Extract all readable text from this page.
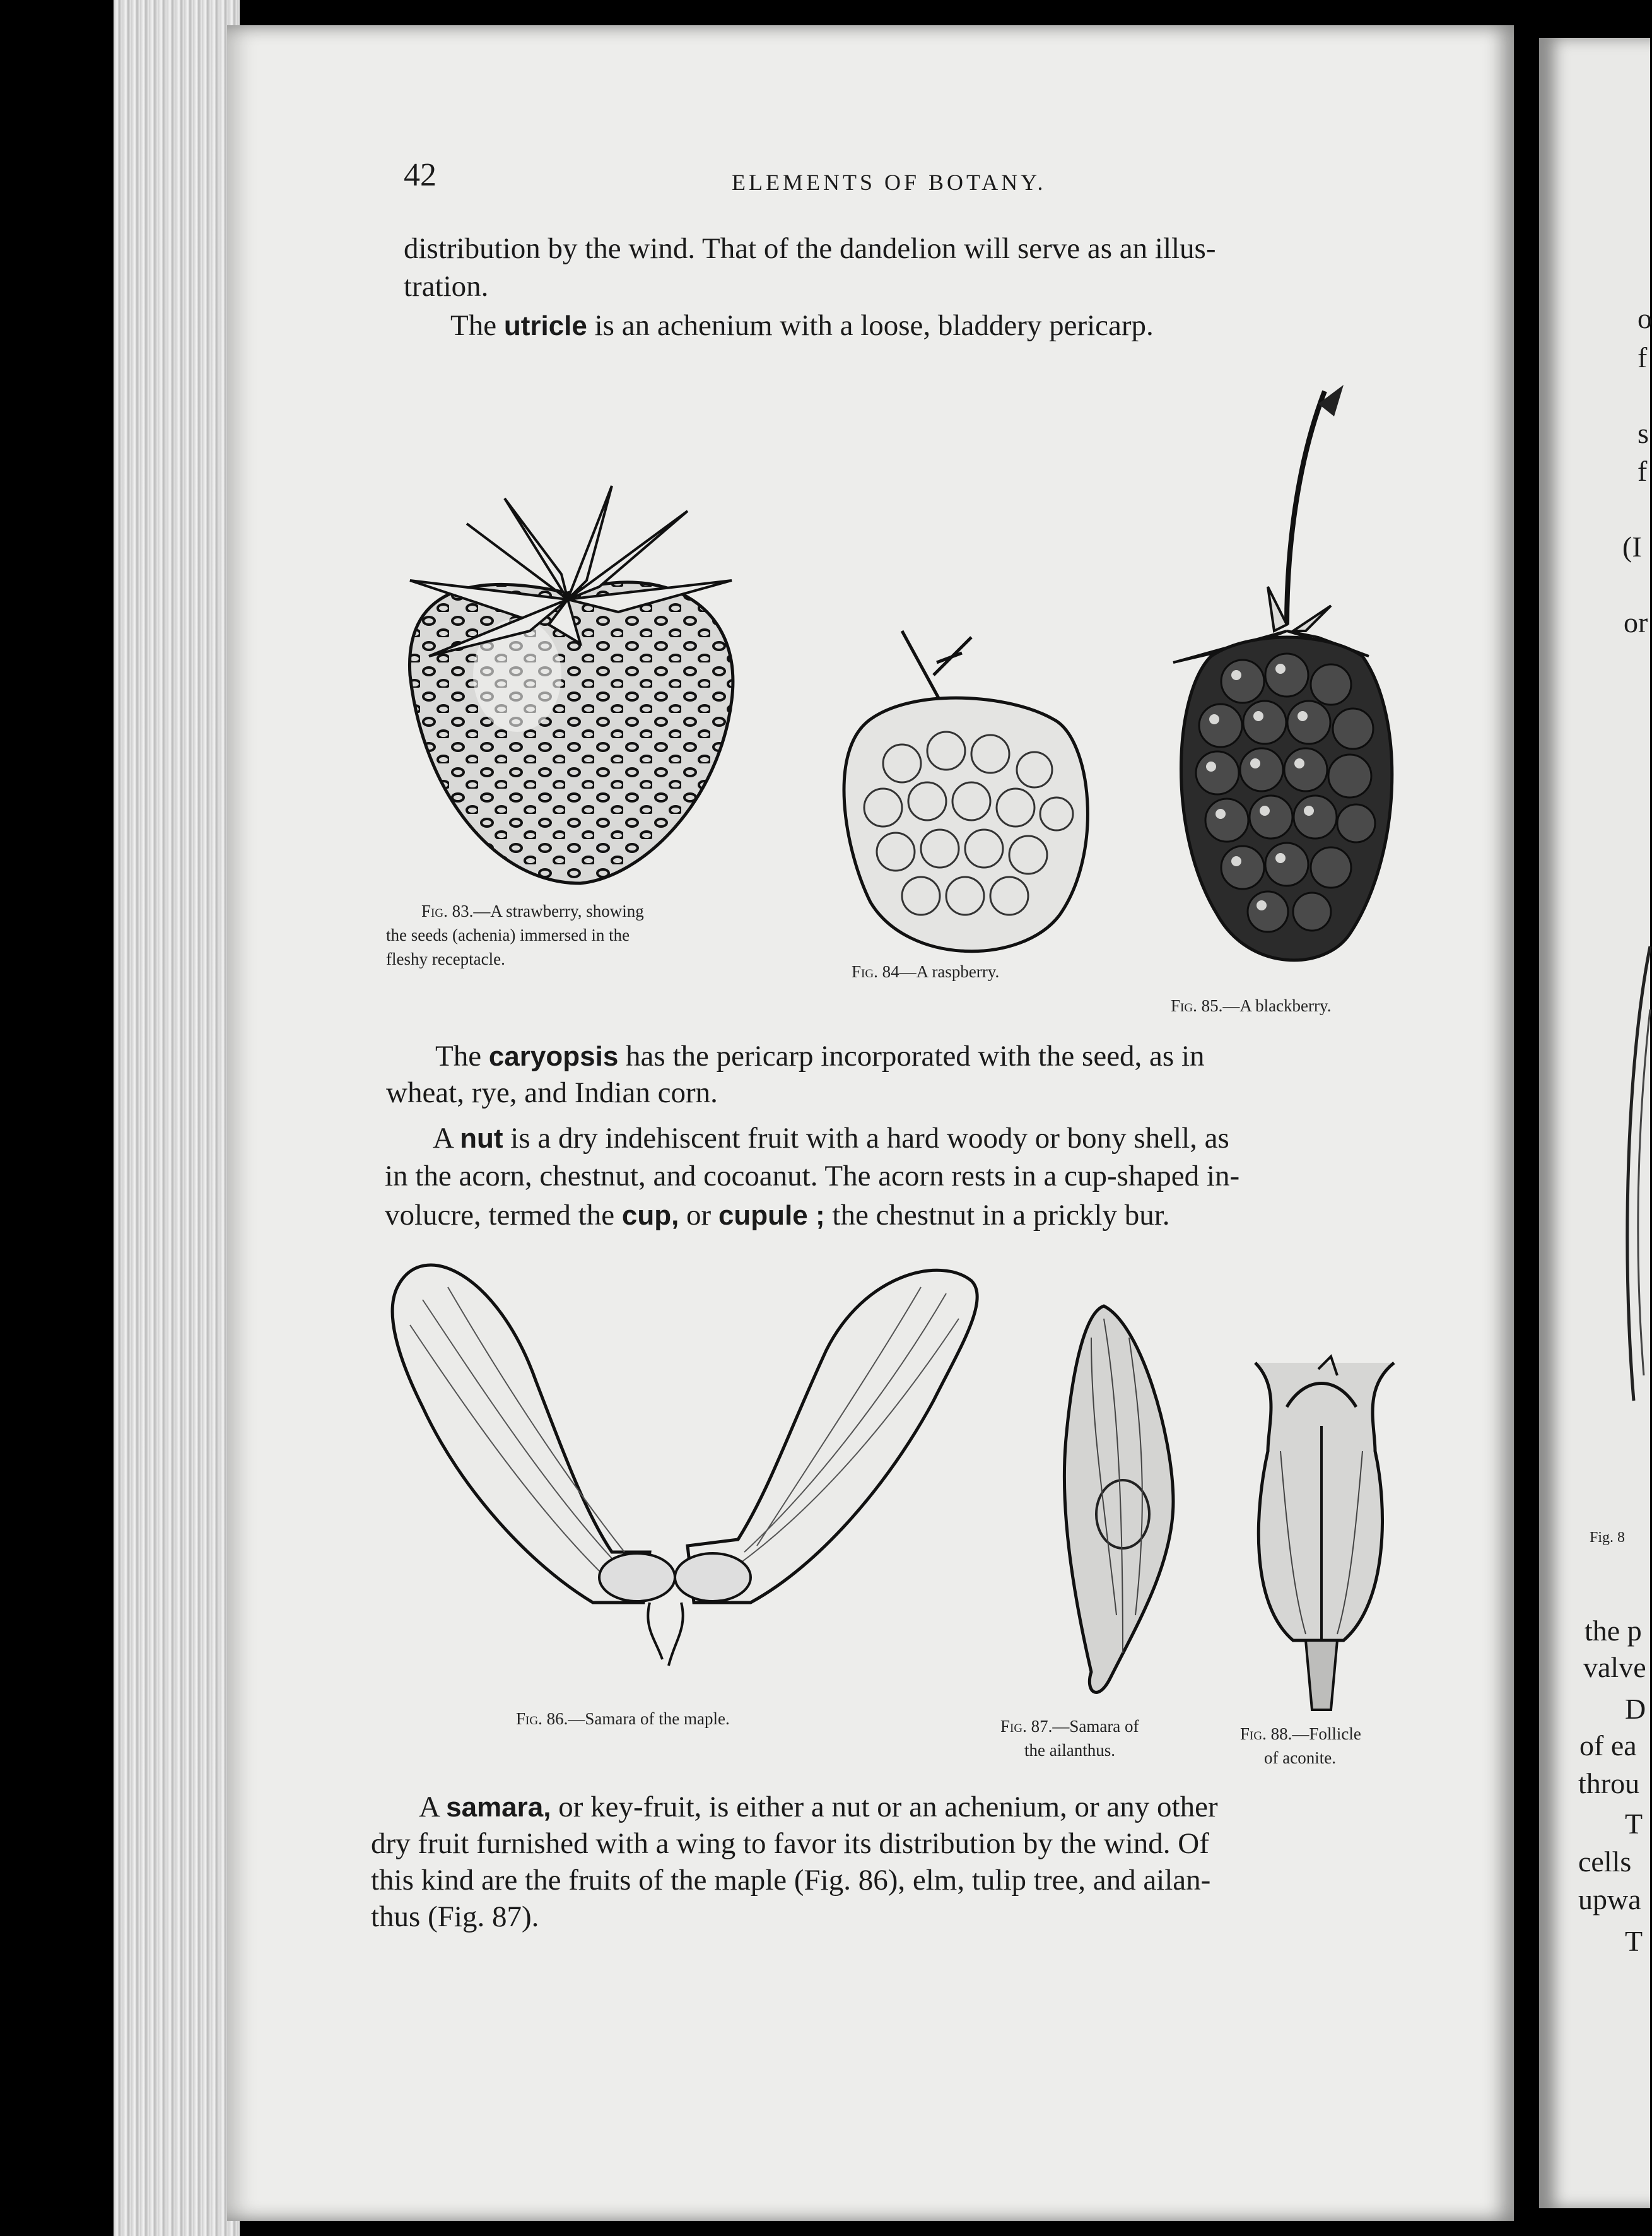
o
f
s
f
(I
or
Fig. 8
the p
valve
D
of ea
throu
T
cells
upwa
T
42	ELEMENTS OF BOTANY.
distribution by the wind. That of the dandelion will serve as an illus-
tration.
The utricle is an achenium with a loose, bladdery pericarp.
Fig. 83.—A strawberry, showing
the seeds (achenia) immersed in the
fleshy receptacle.
Fig. 84—A raspberry.
Fig. 85.—A blackberry.
The caryopsis has the pericarp incorporated with the seed, as in
wheat, rye, and Indian corn.
A nut is a dry indehiscent fruit with a hard woody or bony shell, as
in the acorn, chestnut, and cocoanut. The acorn rests in a cup-shaped in-
volucre, termed the cup, or cupule ; the chestnut in a prickly bur.
Fig. 86.—Samara of the maple.	Fig. 87.—Samara of
the ailanthus.
Fig. 88.—Follicle
of aconite.
A samara, or key-fruit, is either a nut or an achenium, or any other
dry fruit furnished with a wing to favor its distribution by the wind. Of
this kind are the fruits of the maple (Fig. 86), elm, tulip tree, and ailan-
thus (Fig. 87).
